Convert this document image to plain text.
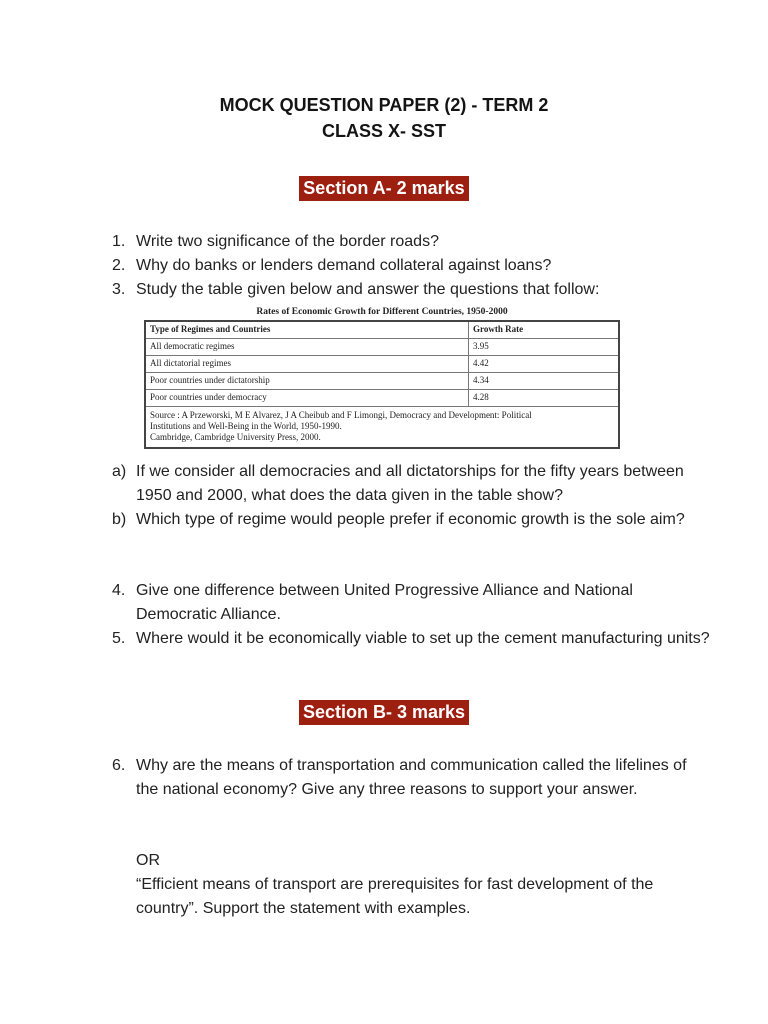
MOCK QUESTION PAPER (2) - TERM 2
CLASS X- SST
Section A- 2 marks
1. Write two significance of the border roads?
2. Why do banks or lenders demand collateral against loans?
3. Study the table given below and answer the questions that follow:
Rates of Economic Growth for Different Countries, 1950-2000
Type of Regimes and Countries	Growth Rate
All democratic regimes	3.95
All dictatorial regimes	4.42
Poor countries under dictatorship	4.34
Poor countries under democracy	4.28

Source : A Przeworski, M E Alvarez, J A Cheibub and F Limongi, Democracy and Development: Political
Institutions and Well-Being in the World, 1950-1990.
Cambridge, Cambridge University Press, 2000.	
a) If we consider all democracies and all dictatorships for the fifty years between 1950 and 2000, what does the data given in the table show?
b) Which type of regime would people prefer if economic growth is the sole aim?
4. Give one difference between United Progressive Alliance and National Democratic Alliance.
5. Where would it be economically viable to set up the cement manufacturing units?
Section B- 3 marks
6. Why are the means of transportation and communication called the lifelines of the national economy? Give any three reasons to support your answer.
OR
“Efficient means of transport are prerequisites for fast development of the country”. Support the statement with examples.
